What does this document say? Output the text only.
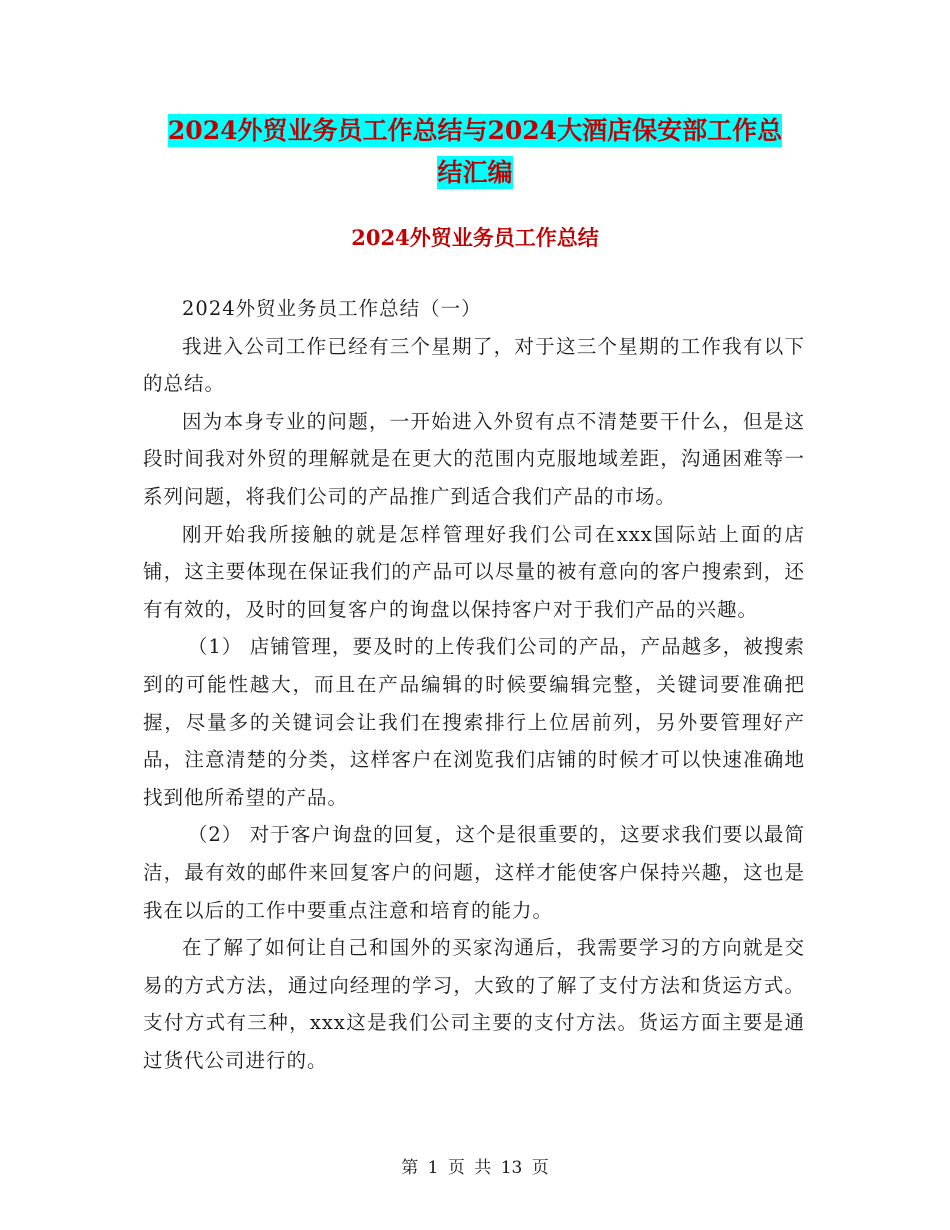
2024外贸业务员工作总结与2024大酒店保安部工作总
结汇编
2024外贸业务员工作总结

2024外贸业务员工作总结（一）

我进入公司工作已经有三个星期了，对于这三个星期的工作我有以下的总结。

因为本身专业的问题，一开始进入外贸有点不清楚要干什么，但是这段时间我对外贸的理解就是在更大的范围内克服地域差距，沟通困难等一系列问题，将我们公司的产品推广到适合我们产品的市场。

刚开始我所接触的就是怎样管理好我们公司在xxx国际站上面的店铺，这主要体现在保证我们的产品可以尽量的被有意向的客户搜索到，还有有效的，及时的回复客户的询盘以保持客户对于我们产品的兴趣。

（1） 店铺管理，要及时的上传我们公司的产品，产品越多，被搜索到的可能性越大，而且在产品编辑的时候要编辑完整，关键词要准确把握，尽量多的关键词会让我们在搜索排行上位居前列，另外要管理好产品，注意清楚的分类，这样客户在浏览我们店铺的时候才可以快速准确地找到他所希望的产品。

（2） 对于客户询盘的回复，这个是很重要的，这要求我们要以最简洁，最有效的邮件来回复客户的问题，这样才能使客户保持兴趣，这也是我在以后的工作中要重点注意和培育的能力。

在了解了如何让自己和国外的买家沟通后，我需要学习的方向就是交易的方式方法，通过向经理的学习，大致的了解了支付方法和货运方式。支付方式有三种，xxx这是我们公司主要的支付方法。货运方面主要是通过货代公司进行的。

第 1 页 共 13 页
